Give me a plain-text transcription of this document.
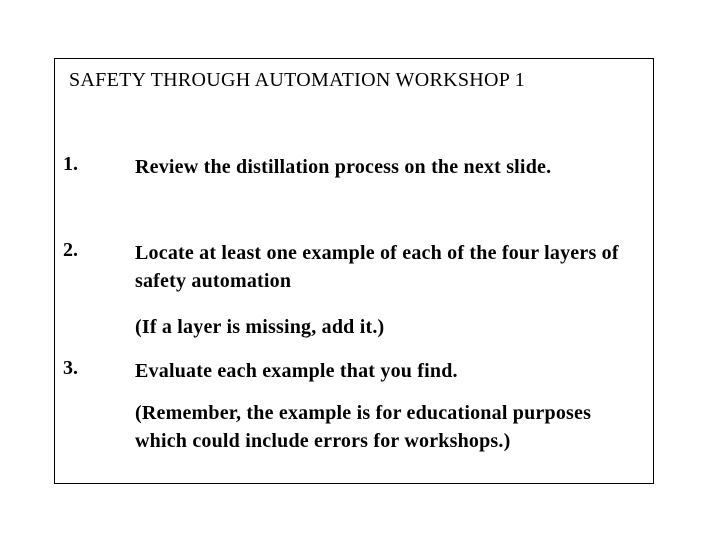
SAFETY THROUGH AUTOMATION WORKSHOP 1
1.	Review the distillation process on the next slide.
2.	Locate at least one example of each of the four layers of safety automation
(If a layer is missing, add it.)
3.	Evaluate each example that you find.
(Remember, the example is for educational purposes which could include errors for workshops.)
